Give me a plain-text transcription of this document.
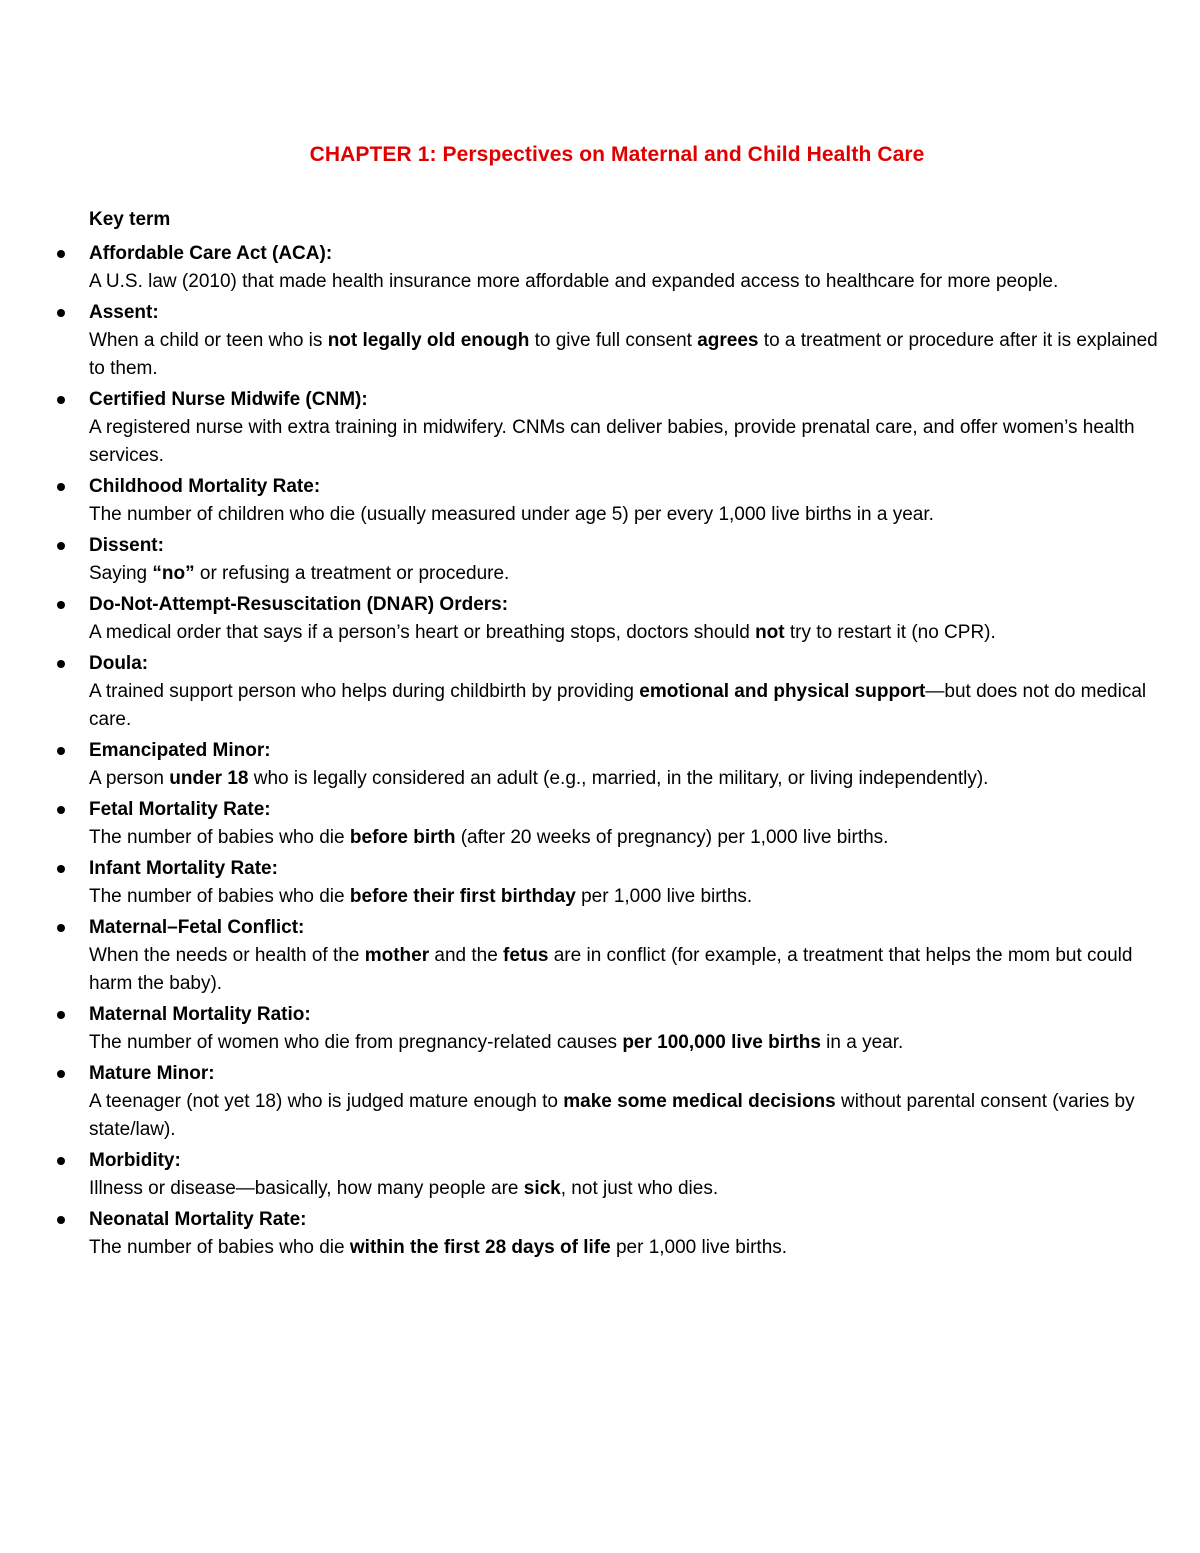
CHAPTER 1: Perspectives on Maternal and Child Health Care

Key term

Affordable Care Act (ACA):
A U.S. law (2010) that made health insurance more affordable and expanded access to healthcare for more people.
Assent:
When a child or teen who is not legally old enough to give full consent agrees to a treatment or procedure after it is explained to them.
Certified Nurse Midwife (CNM):
A registered nurse with extra training in midwifery. CNMs can deliver babies, provide prenatal care, and offer women’s health services.
Childhood Mortality Rate:
The number of children who die (usually measured under age 5) per every 1,000 live births in a year.
Dissent:
Saying “no” or refusing a treatment or procedure.
Do-Not-Attempt-Resuscitation (DNAR) Orders:
A medical order that says if a person’s heart or breathing stops, doctors should not try to restart it (no CPR).
Doula:
A trained support person who helps during childbirth by providing emotional and physical support—but does not do medical care.
Emancipated Minor:
A person under 18 who is legally considered an adult (e.g., married, in the military, or living independently).
Fetal Mortality Rate:
The number of babies who die before birth (after 20 weeks of pregnancy) per 1,000 live births.
Infant Mortality Rate:
The number of babies who die before their first birthday per 1,000 live births.
Maternal–Fetal Conflict:
When the needs or health of the mother and the fetus are in conflict (for example, a treatment that helps the mom but could harm the baby).
Maternal Mortality Ratio:
The number of women who die from pregnancy-related causes per 100,000 live births in a year.
Mature Minor:
A teenager (not yet 18) who is judged mature enough to make some medical decisions without parental consent (varies by state/law).
Morbidity:
Illness or disease—basically, how many people are sick, not just who dies.
Neonatal Mortality Rate:
The number of babies who die within the first 28 days of life per 1,000 live births.
